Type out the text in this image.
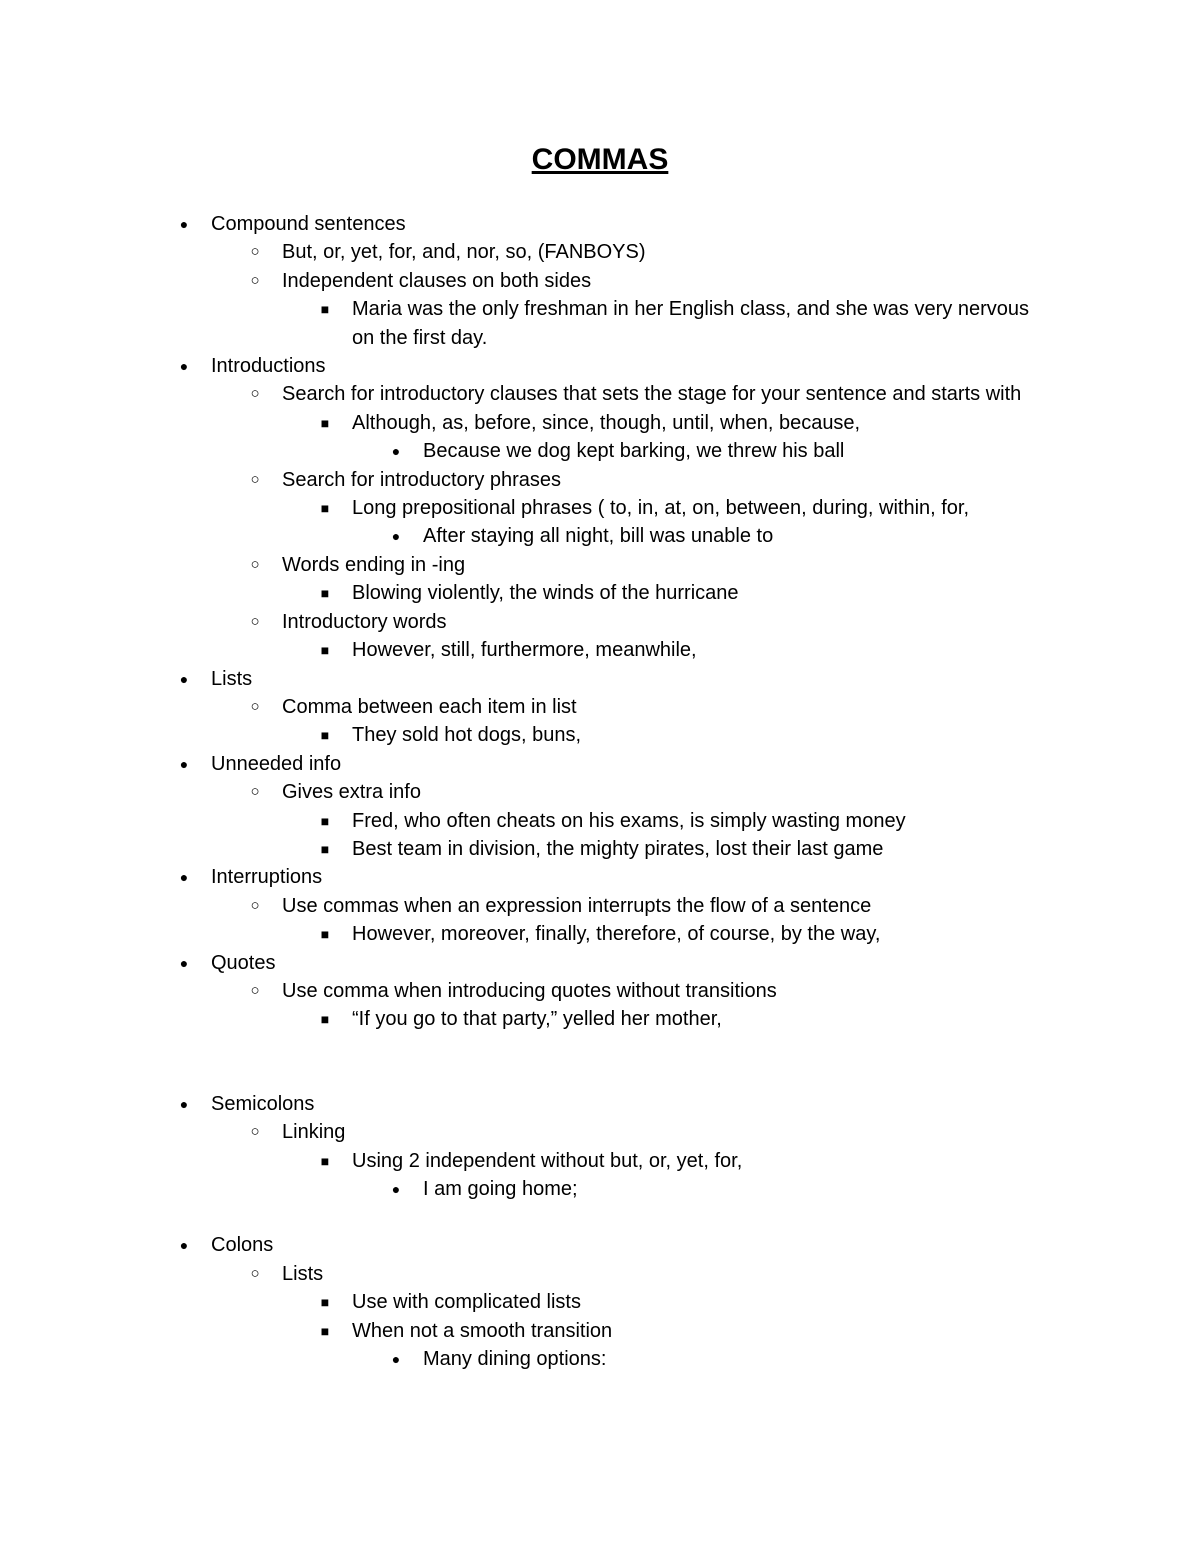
COMMAS
● Compound sentences
○ But, or, yet, for, and, nor, so, (FANBOYS)
○ Independent clauses on both sides
■ Maria was the only freshman in her English class, and she was very nervous on the first day.
● Introductions
○ Search for introductory clauses that sets the stage for your sentence and starts with
■ Although, as, before, since, though, until, when, because,
● Because we dog kept barking, we threw his ball
○ Search for introductory phrases
■ Long prepositional phrases ( to, in, at, on, between, during, within, for,
● After staying all night, bill was unable to
○ Words ending in -ing
■ Blowing violently, the winds of the hurricane
○ Introductory words
■ However, still, furthermore, meanwhile,
● Lists
○ Comma between each item in list
■ They sold hot dogs, buns,
● Unneeded info
○ Gives extra info
■ Fred, who often cheats on his exams, is simply wasting money
■ Best team in division, the mighty pirates, lost their last game
● Interruptions
○ Use commas when an expression interrupts the flow of a sentence
■ However, moreover, finally, therefore, of course, by the way,
● Quotes
○ Use comma when introducing quotes without transitions
■ “If you go to that party,” yelled her mother,
● Semicolons
○ Linking
■ Using 2 independent without but, or, yet, for,
● I am going home;
● Colons
○ Lists
■ Use with complicated lists
■ When not a smooth transition
● Many dining options:
